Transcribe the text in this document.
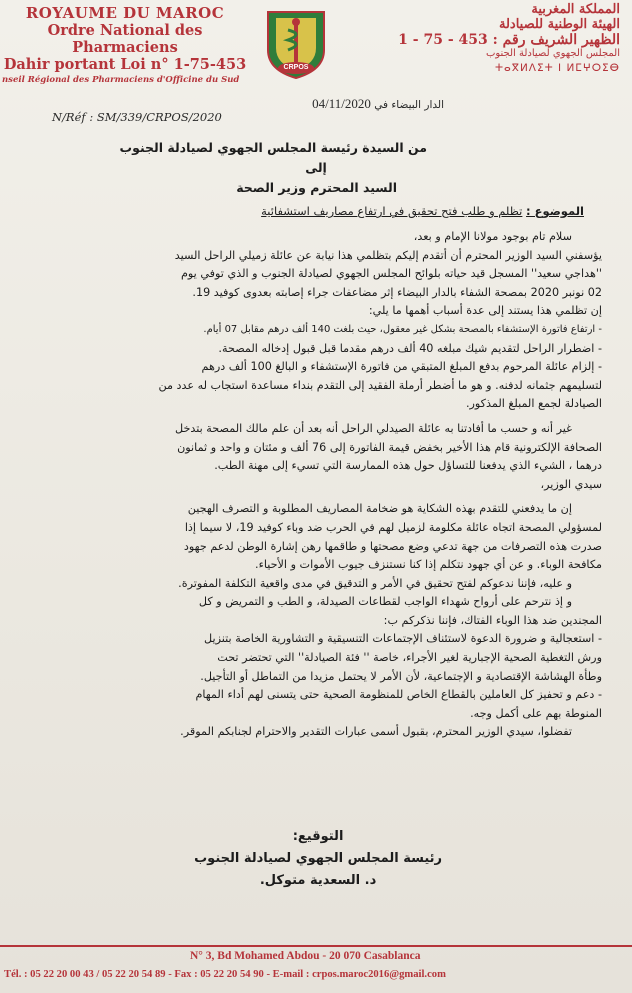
ROYAUME DU MAROC
Ordre National des Pharmaciens
Dahir portant Loi n° 1-75-453
nseil Régional des Pharmaciens d'Officine du Sud
CRPOS
المملكة المغربية
الهيئة الوطنية للصيادلة
الظهير الشريف رقم : 453 - 75 - 1
المجلس الجهوي لصيادلة الجنوب
ⵜⴰⴳⵍⴷⵉⵜ ⵏ ⵍⵎⵖⵔⵉⴱ
N/Réf : SM/339/CRPOS/2020
الدار البيضاء في 04/11/2020
من السيدة رئيسة المجلس الجهوي لصيادلة الجنوب
إلى
السيد المحترم وزير الصحة
الموضوع : تظلم و طلب فتح تحقيق في ارتفاع مصاريف استشفائية

سلام تام بوجود مولانا الإمام و بعد،

يؤسفني السيد الوزير المحترم أن أتقدم إليكم بتظلمي هذا نيابة عن عائلة زميلي الراحل السيد

''هداجي سعيد'' المسجل قيد حياته بلوائح المجلس الجهوي لصيادلة الجنوب و الذي توفي يوم

02 نونبر 2020 بمصحة الشفاء بالدار البيضاء إثر مضاعفات جراء إصابته بعدوى كوفيد 19.

إن تظلمي هذا يستند إلى عدة أسباب أهمها ما يلي:

- ارتفاع فاتورة الإستشفاء بالمصحة بشكل غير معقول، حيث بلغت 140 ألف درهم مقابل 07 أيام.

- اضطرار الراحل لتقديم شيك مبلغه 40 ألف درهم مقدما قبل قبول إدخاله المصحة.

- إلزام عائلة المرحوم بدفع المبلغ المتبقي من فاتورة الإستشفاء و البالغ 100 ألف درهم

لتسليمهم جثمانه لدفنه. و هو ما أضطر أرملة الفقيد إلى التقدم بنداء مساعدة استجاب له عدد من

الصيادلة لجمع المبلغ المذكور.

غير أنه و حسب ما أفادتنا به عائلة الصيدلي الراحل أنه بعد أن علم مالك المصحة بتدخل

الصحافة الإلكترونية قام هذا الأخير بخفض قيمة الفاتورة إلى 76 ألف و مئتان و واحد و ثمانون

درهما ، الشيء الذي يدفعنا للتساؤل حول هذه الممارسة التي تسيء إلى مهنة الطب.

سيدي الوزير،

إن ما يدفعني للتقدم بهذه الشكاية هو ضخامة المصاريف المطلوبة و التصرف الهجين

لمسؤولي المصحة اتجاه عائلة مكلومة لزميل لهم في الحرب ضد وباء كوفيد 19، لا سيما إذا

صدرت هذه التصرفات من جهة تدعي وضع مصحتها و طاقمها رهن إشارة الوطن لدعم جهود

مكافحة الوباء. و عن أي جهود نتكلم إذا كنا نستنزف جيوب الأموات و الأحياء.

و عليه، فإننا ندعوكم لفتح تحقيق في الأمر و التدقيق في مدى واقعية التكلفة المفوترة.

و إذ نترحم على أرواح شهداء الواجب لقطاعات الصيدلة، و الطب و التمريض و كل

المجندين ضد هذا الوباء الفتاك، فإننا نذكركم ب:

- استعجالية و ضرورة الدعوة لاستئناف الإجتماعات التنسيقية و التشاورية الخاصة بتنزيل

ورش التغطية الصحية الإجبارية لغير الأجراء، خاصة '' فئة الصيادلة'' التي تحتضر تحت

وطأة الهشاشة الإقتصادية و الإجتماعية، لأن الأمر لا يحتمل مزيدا من التماطل أو التأجيل.

- دعم و تحفيز كل العاملين بالقطاع الخاص للمنظومة الصحية حتى يتسنى لهم أداء المهام

المنوطة بهم على أكمل وجه.

تفضلوا، سيدي الوزير المحترم، بقبول أسمى عبارات التقدير والاحترام لجنابكم الموقر.

التوقيع:
رئيسة المجلس الجهوي لصيادلة الجنوب
د. السعدية متوكل.
N° 3, Bd Mohamed Abdou - 20 070 Casablanca
Tél. : 05 22 20 00 43 / 05 22 20 54 89 - Fax : 05 22 20 54 90 - E-mail : crpos.maroc2016@gmail.com
